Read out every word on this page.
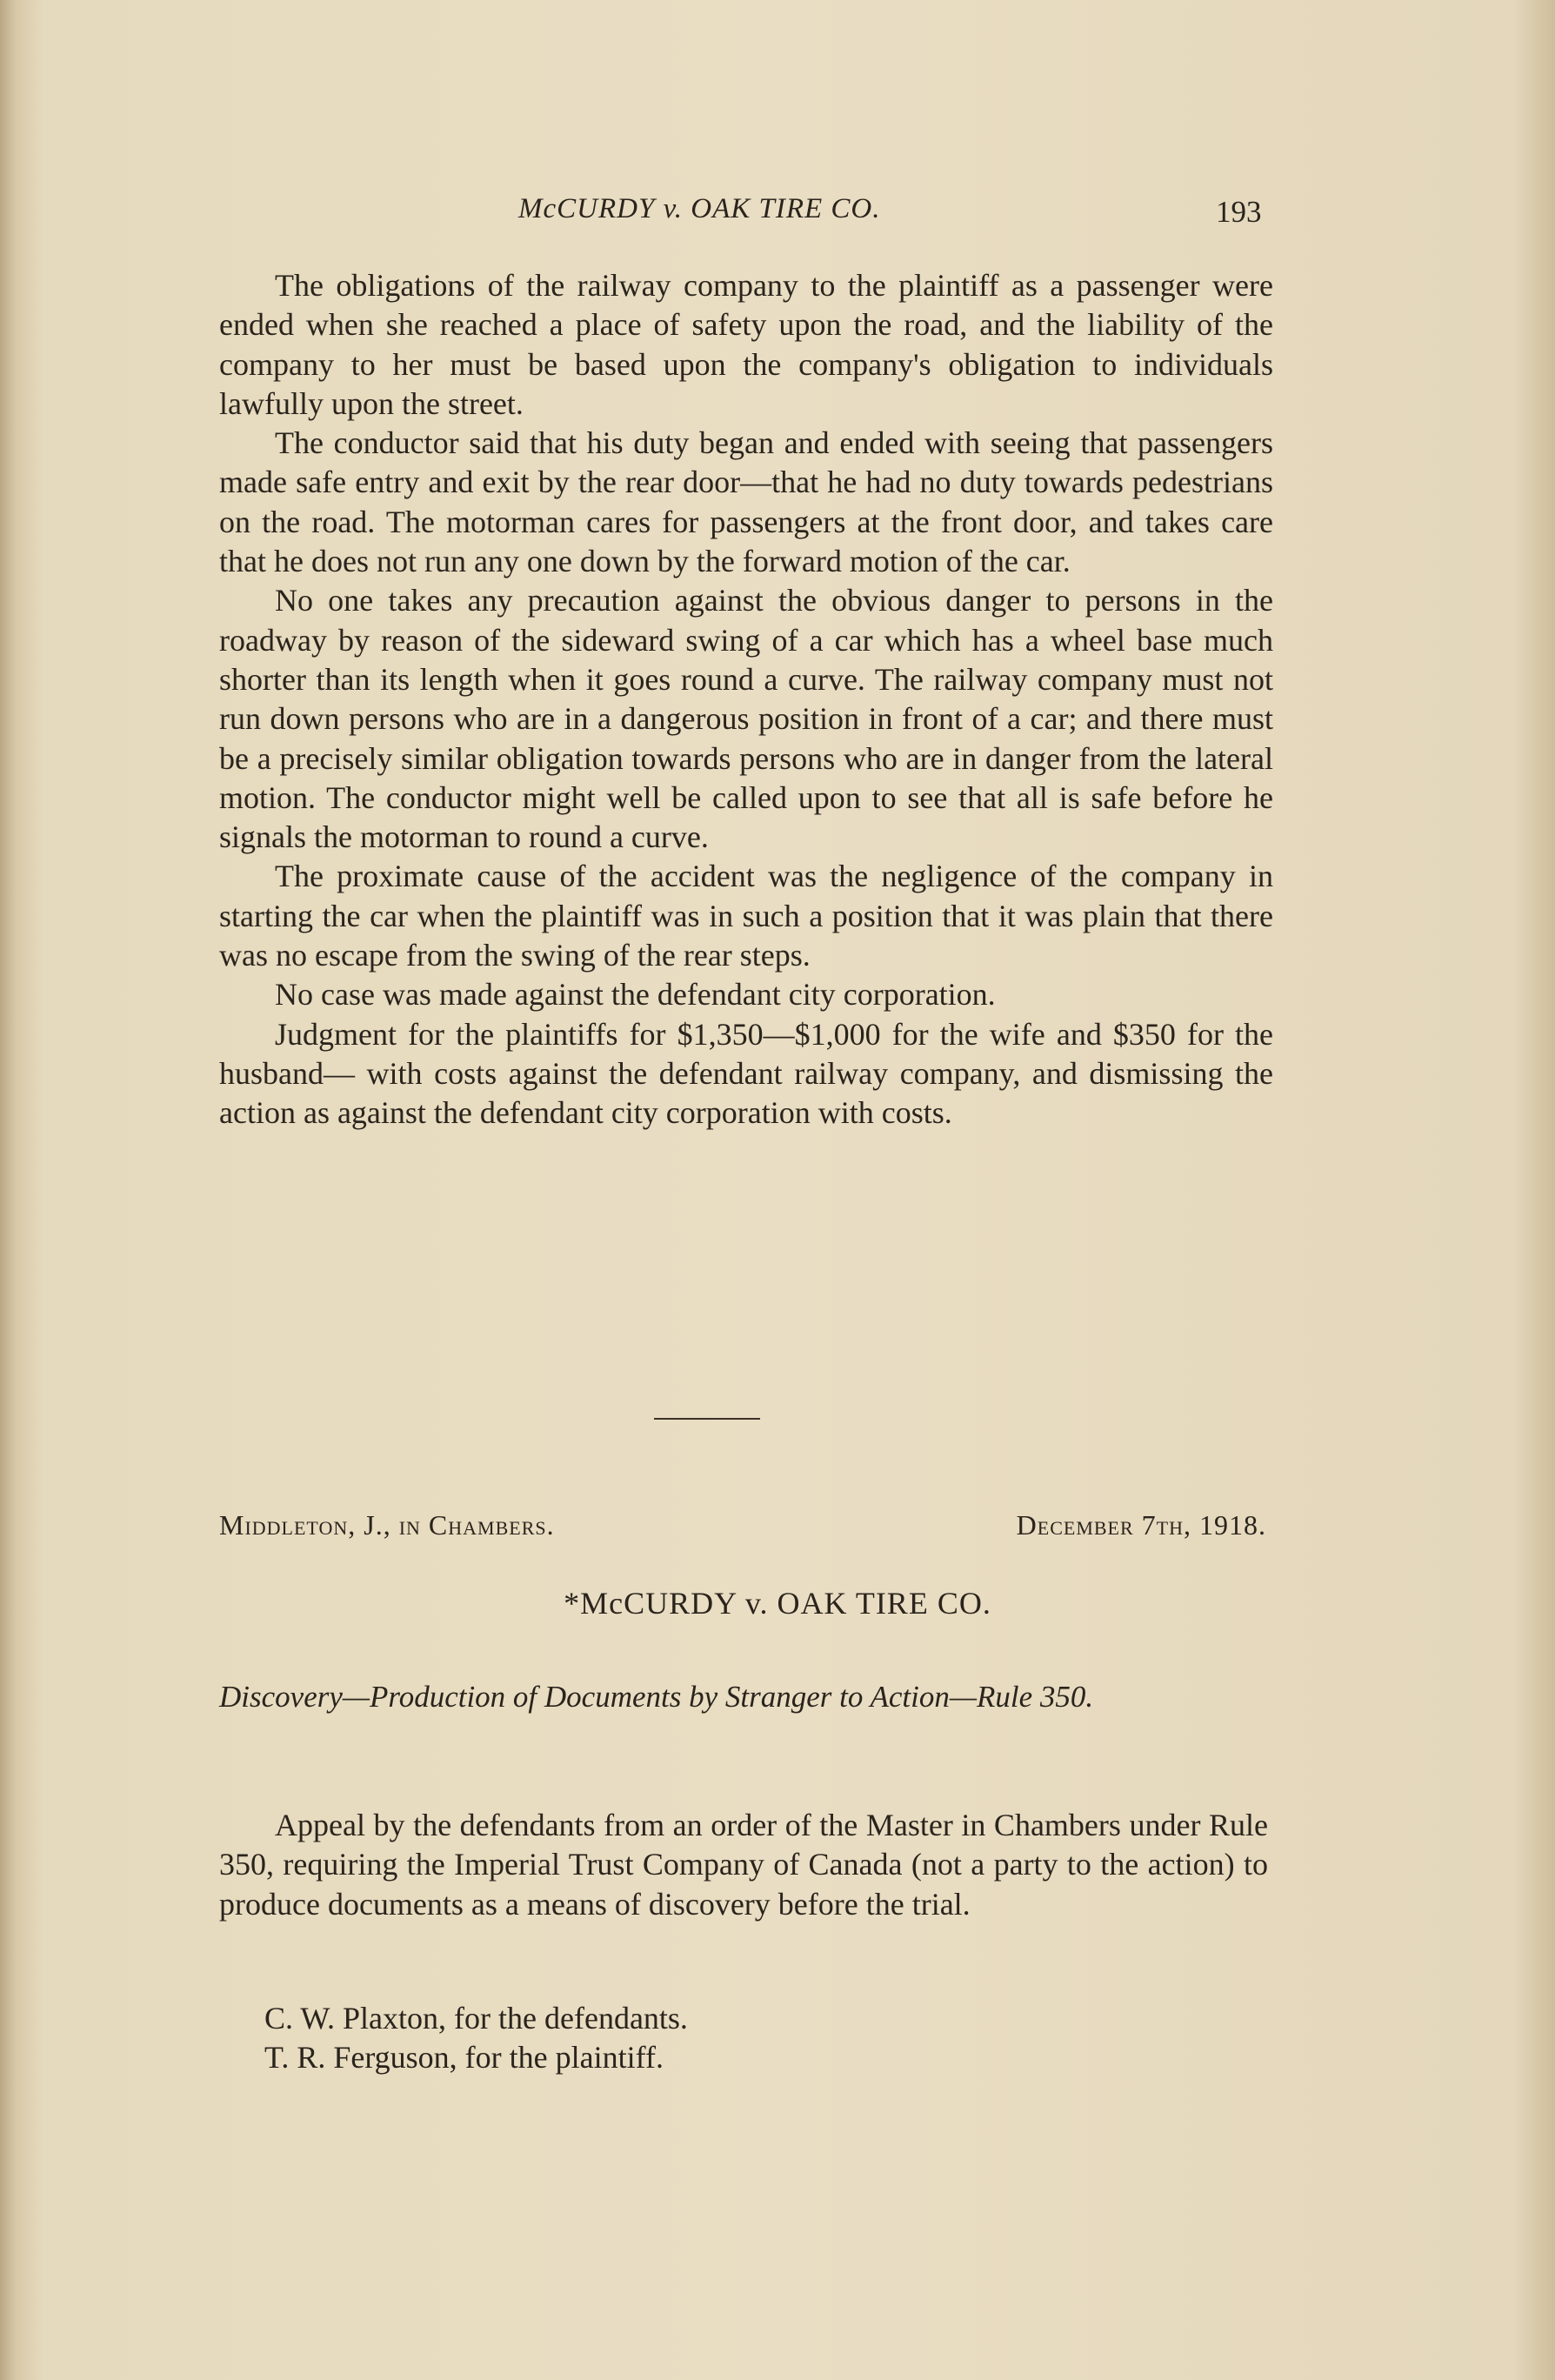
McCURDY v. OAK TIRE CO.	193

The obligations of the railway company to the plaintiff as a passenger were ended when she reached a place of safety upon the road, and the liability of the company to her must be based upon the company's obligation to individuals lawfully upon the street.

The conductor said that his duty began and ended with seeing that passengers made safe entry and exit by the rear door—that he had no duty towards pedestrians on the road. The motorman cares for passengers at the front door, and takes care that he does not run any one down by the forward motion of the car.

No one takes any precaution against the obvious danger to persons in the roadway by reason of the sideward swing of a car which has a wheel base much shorter than its length when it goes round a curve. The railway company must not run down persons who are in a dangerous position in front of a car; and there must be a precisely similar obligation towards persons who are in danger from the lateral motion. The conductor might well be called upon to see that all is safe before he signals the motorman to round a curve.

The proximate cause of the accident was the negligence of the company in starting the car when the plaintiff was in such a position that it was plain that there was no escape from the swing of the rear steps.

No case was made against the defendant city corporation.

Judgment for the plaintiffs for $1,350—$1,000 for the wife and $350 for the husband— with costs against the defendant railway company, and dismissing the action as against the defendant city corporation with costs.

Middleton, J., in Chambers.	December 7th, 1918.
*McCURDY v. OAK TIRE CO.
Discovery—Production of Documents by Stranger to Action—Rule 350.

Appeal by the defendants from an order of the Master in Chambers under Rule 350, requiring the Imperial Trust Company of Canada (not a party to the action) to produce documents as a means of discovery before the trial.

C. W. Plaxton, for the defendants.
T. R. Ferguson, for the plaintiff.
